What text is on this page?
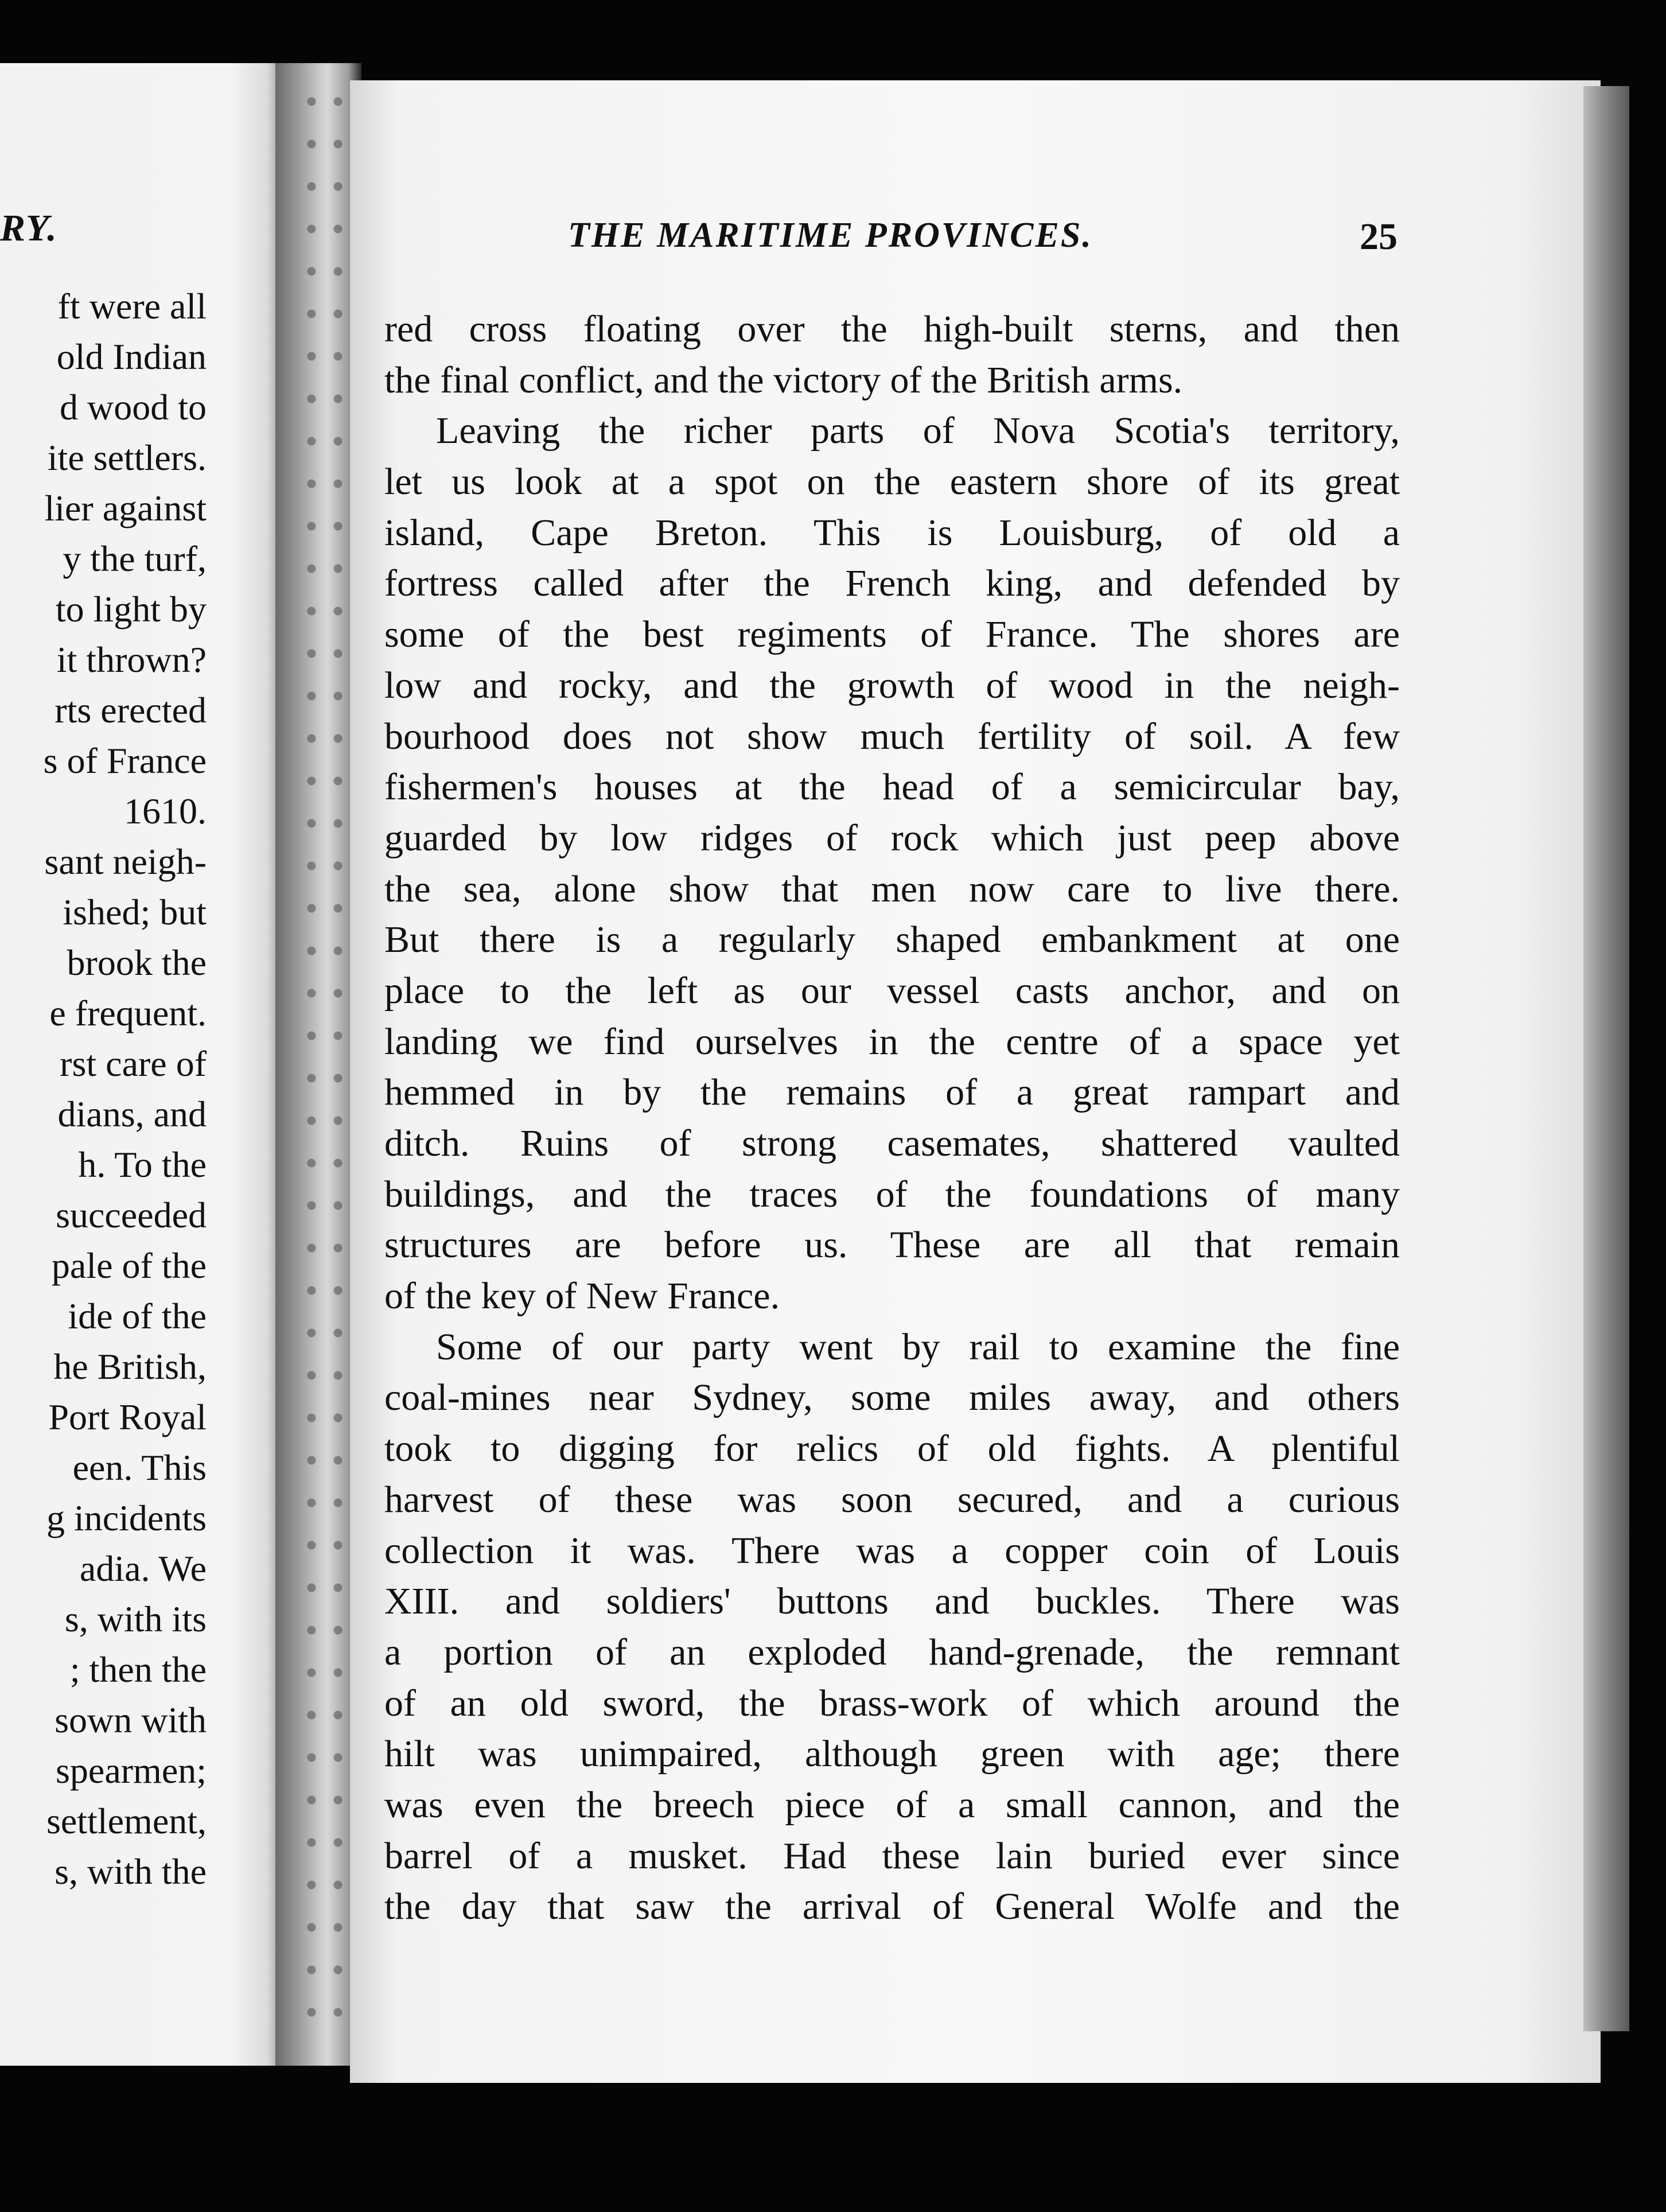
RY.
ft were all
old Indian
d wood to
ite settlers.
lier against
y the turf,
to light by
it thrown?
rts erected
s of France
1610.
sant neigh-
ished; but
brook the
e frequent.
rst care of
dians, and
h. To the
succeeded
pale of the
ide of the
he British,
Port Royal
een. This
g incidents
adia. We
s, with its
; then the
sown with
spearmen;
settlement,
s, with the
THE MARITIME PROVINCES.	25
red cross floating over the high-built sterns, and then
the final conflict, and the victory of the British arms.
Leaving the richer parts of Nova Scotia's territory,
let us look at a spot on the eastern shore of its great
island, Cape Breton. This is Louisburg, of old a
fortress called after the French king, and defended by
some of the best regiments of France. The shores are
low and rocky, and the growth of wood in the neigh-
bourhood does not show much fertility of soil. A few
fishermen's houses at the head of a semicircular bay,
guarded by low ridges of rock which just peep above
the sea, alone show that men now care to live there.
But there is a regularly shaped embankment at one
place to the left as our vessel casts anchor, and on
landing we find ourselves in the centre of a space yet
hemmed in by the remains of a great rampart and
ditch. Ruins of strong casemates, shattered vaulted
buildings, and the traces of the foundations of many
structures are before us. These are all that remain
of the key of New France.
Some of our party went by rail to examine the fine
coal-mines near Sydney, some miles away, and others
took to digging for relics of old fights. A plentiful
harvest of these was soon secured, and a curious
collection it was. There was a copper coin of Louis
XIII. and soldiers' buttons and buckles. There was
a portion of an exploded hand-grenade, the remnant
of an old sword, the brass-work of which around the
hilt was unimpaired, although green with age; there
was even the breech piece of a small cannon, and the
barrel of a musket. Had these lain buried ever since
the day that saw the arrival of General Wolfe and the
